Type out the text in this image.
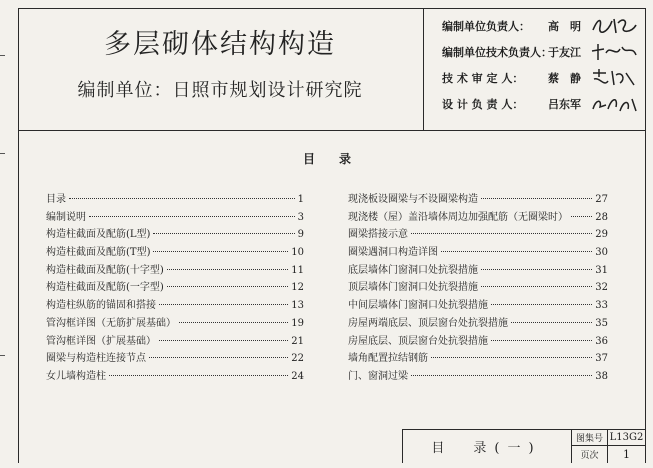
多层砌体结构构造
编制单位：日照市规划设计研究院
编制单位负责人：	高　明
编制单位技术负责人：
于友江
技 术 审 定 人：	蔡　静
设 计 负 责 人：	吕东军
目　录
目录	1
编制说明	3
构造柱截面及配筋(L型)	9
构造柱截面及配筋(T型)	10
构造柱截面及配筋(十字型)	11
构造柱截面及配筋(一字型)	12
构造柱纵筋的锚固和搭接	13
管沟框详图（无筋扩展基础）	19
管沟框详图（扩展基础）	21
圈梁与构造柱连接节点	22
女儿墙构造柱	24
现浇板设圈梁与不设圈梁构造	27
现浇楼（屋）盖沿墙体周边加强配筋（无圈梁时）	28
圈梁搭接示意	29
圈梁遇洞口构造详图	30
底层墙体门窗洞口处抗裂措施	31
顶层墙体门窗洞口处抗裂措施	32
中间层墙体门窗洞口处抗裂措施	33
房屋两端底层、顶层窗台处抗裂措施	35
房屋底层、顶层窗台处抗裂措施	36
墙角配置拉结钢筋	37
门、窗洞过梁	38
目　录(一)
图集号 L13G2
页次	1
